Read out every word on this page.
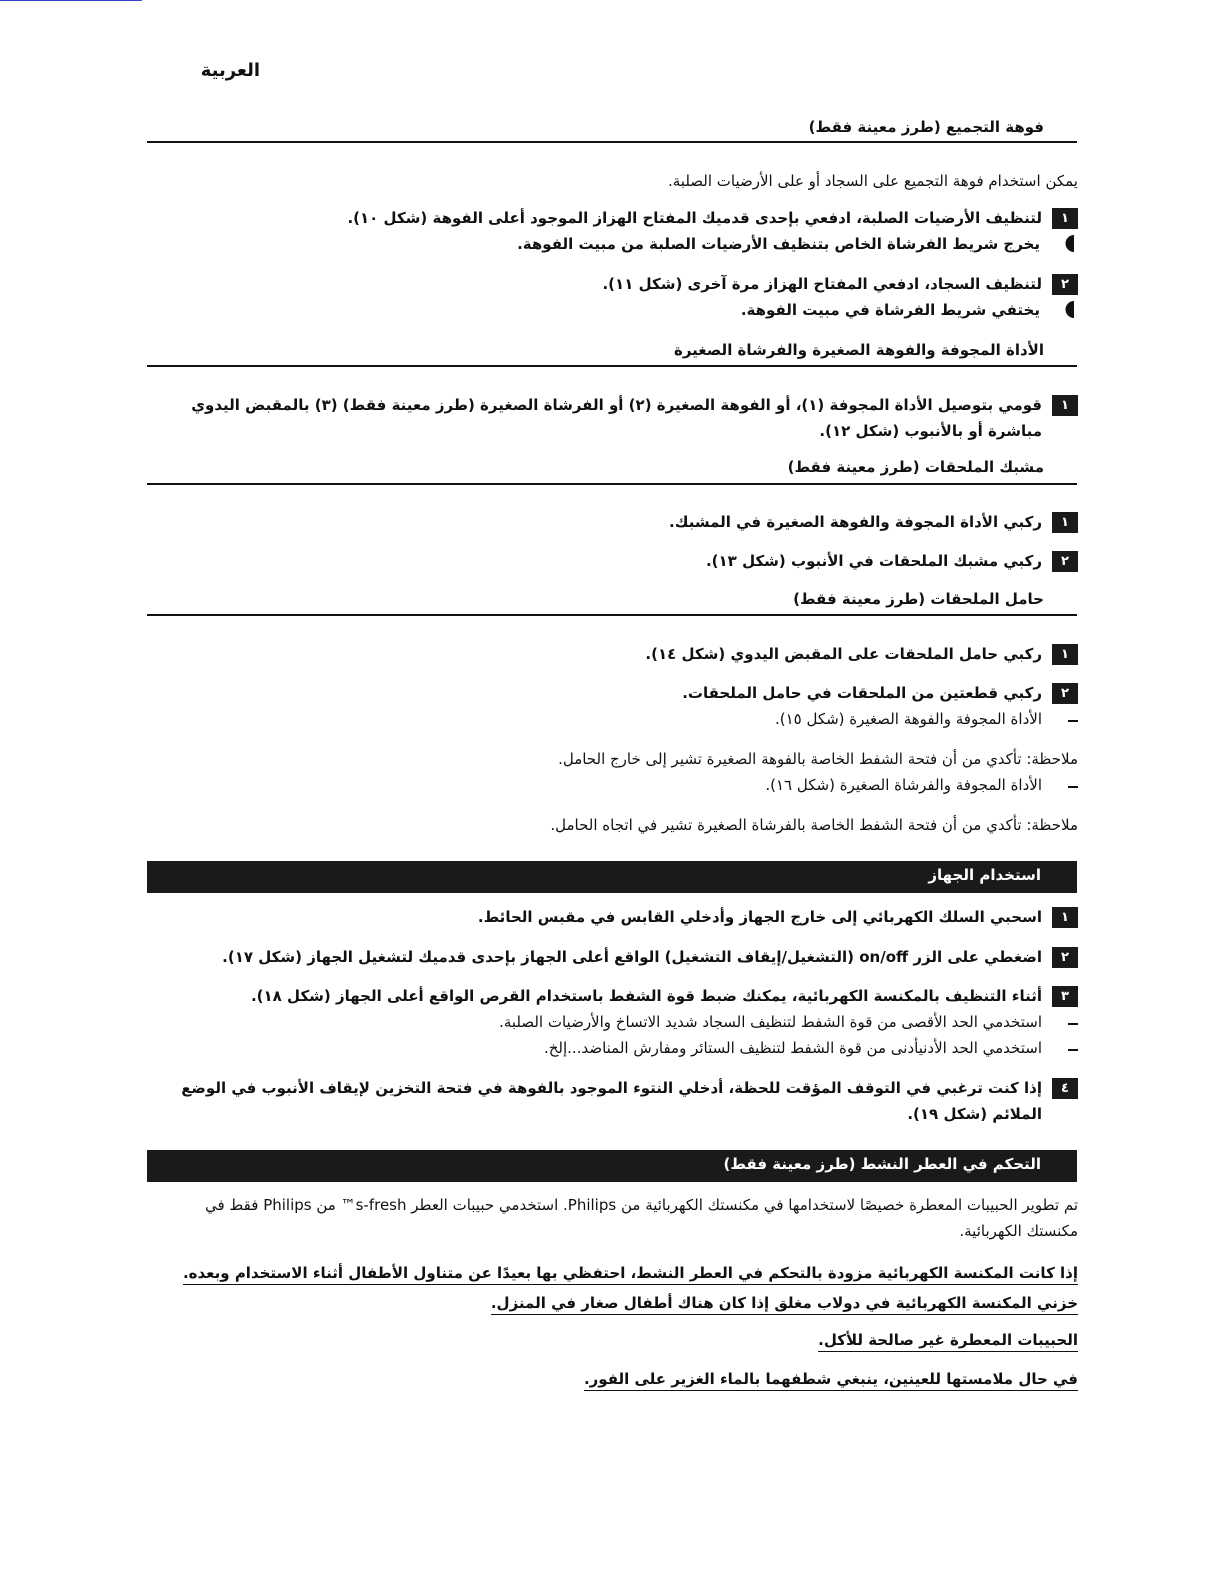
العربية
فوهة التجميع (طرز معينة فقط)
يمكن استخدام فوهة التجميع على السجاد أو على الأرضيات الصلبة.
١
لتنظيف الأرضيات الصلبة، ادفعي بإحدى قدميك المفتاح الهزاز الموجود أعلى الفوهة (شكل ١٠).
يخرج شريط الفرشاة الخاص بتنظيف الأرضيات الصلبة من مبيت الفوهة.
٢
لتنظيف السجاد، ادفعي المفتاح الهزاز مرة آخرى (شكل ١١).
يختفي شريط الفرشاة في مبيت الفوهة.
الأداة المجوفة والفوهة الصغيرة والفرشاة الصغيرة
١
قومي بتوصيل الأداة المجوفة (١)، أو الفوهة الصغيرة (٢) أو الفرشاة الصغيرة (طرز معينة فقط) (٣) بالمقبض اليدوي مباشرة أو بالأنبوب (شكل ١٢).
مشبك الملحقات (طرز معينة فقط)
١
ركبي الأداة المجوفة والفوهة الصغيرة في المشبك.
٢
ركبي مشبك الملحقات في الأنبوب (شكل ١٣).
حامل الملحقات (طرز معينة فقط)
١
ركبي حامل الملحقات على المقبض اليدوي (شكل ١٤).
٢
ركبي قطعتين من الملحقات في حامل الملحقات.
الأداة المجوفة والفوهة الصغيرة (شكل ١٥).
ملاحظة: تأكدي من أن فتحة الشفط الخاصة بالفوهة الصغيرة تشير إلى خارج الحامل.
الأداة المجوفة والفرشاة الصغيرة (شكل ١٦).
ملاحظة: تأكدي من أن فتحة الشفط الخاصة بالفرشاة الصغيرة تشير في اتجاه الحامل.
استخدام الجهاز
١
اسحبي السلك الكهربائي إلى خارج الجهاز وأدخلي القابس في مقبس الحائط.
٢
اضغطي على الزر on/off (التشغيل/إيقاف التشغيل) الواقع أعلى الجهاز بإحدى قدميك لتشغيل الجهاز (شكل ١٧).
٣
أثناء التنظيف بالمكنسة الكهربائية، يمكنك ضبط قوة الشفط باستخدام القرص الواقع أعلى الجهاز (شكل ١٨).
استخدمي الحد الأقصى من قوة الشفط لتنظيف السجاد شديد الاتساخ والأرضيات الصلبة.
استخدمي الحد الأدنيأدنى من قوة الشفط لتنظيف الستائر ومفارش المناضد...إلخ.
٤
إذا كنت ترغبي في التوقف المؤقت للحظة، أدخلي النتوء الموجود بالفوهة في فتحة التخزين لإيقاف الأنبوب في الوضع الملائم (شكل ١٩).
التحكم في العطر النشط (طرز معينة فقط)
تم تطوير الحبيبات المعطرة خصيصًا لاستخدامها في مكنستك الكهربائية من Philips. استخدمي حبيبات العطر s-fresh™ من Philips فقط في مكنستك الكهربائية.
إذا كانت المكنسة الكهربائية مزودة بالتحكم في العطر النشط، احتفظي بها بعيدًا عن متناول الأطفال أثناء الاستخدام وبعده. خزني المكنسة الكهربائية في دولاب مغلق إذا كان هناك أطفال صغار في المنزل.
الحبيبات المعطرة غير صالحة للأكل.
في حال ملامستها للعينين، ينبغي شطفهما بالماء الغزير على الفور.
